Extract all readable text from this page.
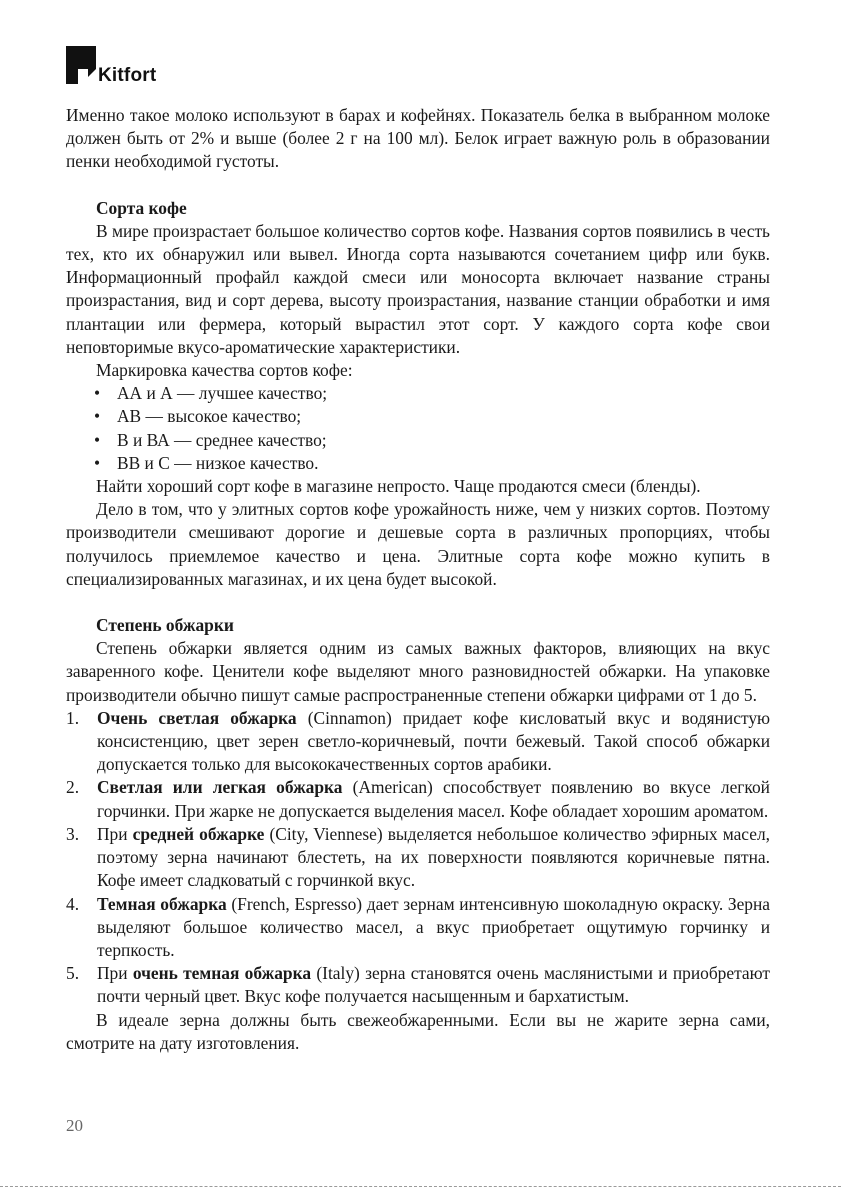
Kitfort

Именно такое молоко используют в барах и кофейнях. Показатель белка в выбранном молоке должен быть от 2% и выше (более 2 г на 100 мл). Белок играет важную роль в образовании пенки необходимой густоты.

Сорта кофе

В мире произрастает большое количество сортов кофе. Названия сортов появились в честь тех, кто их обнаружил или вывел. Иногда сорта называются сочетанием цифр или букв. Информационный профайл каждой смеси или моносорта включает название страны произрастания, вид и сорт дерева, высоту произрастания, название станции обработки и имя плантации или фермера, который вырастил этот сорт. У каждого сорта кофе свои неповторимые вкусо-ароматические характеристики.

Маркировка качества сортов кофе:

• АА и А — лучшее качество;
• АВ — высокое качество;
• В и ВА — среднее качество;
• ВВ и С — низкое качество.

Найти хороший сорт кофе в магазине непросто. Чаще продаются смеси (бленды).

Дело в том, что у элитных сортов кофе урожайность ниже, чем у низких сортов. Поэтому производители смешивают дорогие и дешевые сорта в различных пропорциях, чтобы получилось приемлемое качество и цена. Элитные сорта кофе можно купить в специализированных магазинах, и их цена будет высокой.

Степень обжарки

Степень обжарки является одним из самых важных факторов, влияющих на вкус заваренного кофе. Ценители кофе выделяют много разновидностей обжарки. На упаковке производители обычно пишут самые распространенные степени обжарки цифрами от 1 до 5.

1. Очень светлая обжарка (Cinnamon) придает кофе кисловатый вкус и водянистую консистенцию, цвет зерен светло-коричневый, почти бежевый. Такой способ обжарки допускается только для высококачественных сортов арабики.
2. Светлая или легкая обжарка (American) способствует появлению во вкусе легкой горчинки. При жарке не допускается выделения масел. Кофе обладает хорошим ароматом.
3. При средней обжарке (City, Viennese) выделяется небольшое количество эфирных масел, поэтому зерна начинают блестеть, на их поверхности появляются коричневые пятна. Кофе имеет сладковатый с горчинкой вкус.
4. Темная обжарка (French, Espresso) дает зернам интенсивную шоколадную окраску. Зерна выделяют большое количество масел, а вкус приобретает ощутимую горчинку и терпкость.
5. При очень темная обжарка (Italy) зерна становятся очень маслянистыми и приобретают почти черный цвет. Вкус кофе получается насыщенным и бархатистым.

В идеале зерна должны быть свежеобжаренными. Если вы не жарите зерна сами, смотрите на дату изготовления.

20
